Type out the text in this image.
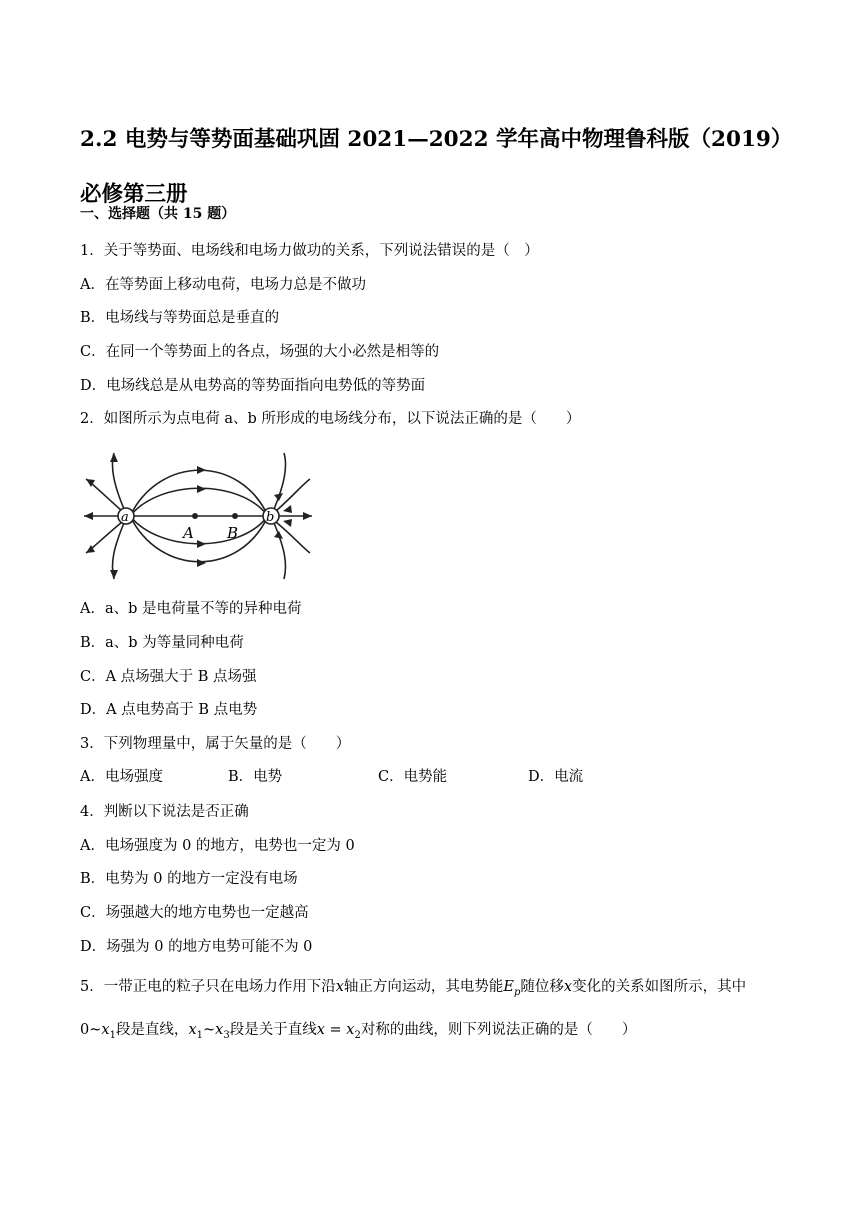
2.2 电势与等势面基础巩固 2021—2022 学年高中物理鲁科版（2019）必修第三册

一、选择题（共 15 题）

1．关于等势面、电场线和电场力做功的关系，下列说法错误的是（　）

A．在等势面上移动电荷，电场力总是不做功

B．电场线与等势面总是垂直的

C．在同一个等势面上的各点，场强的大小必然是相等的

D．电场线总是从电势高的等势面指向电势低的等势面

2．如图所示为点电荷 a、b 所形成的电场线分布，以下说法正确的是（　　）

a
A B
b

A．a、b 是电荷量不等的异种电荷

B．a、b 为等量同种电荷

C．A 点场强大于 B 点场强

D．A 点电势高于 B 点电势

3．下列物理量中，属于矢量的是（　　）

A．电场强度	B．电势	C．电势能	D．电流

4．判断以下说法是否正确

A．电场强度为 0 的地方，电势也一定为 0

B．电势为 0 的地方一定没有电场

C．场强越大的地方电势也一定越高

D．场强为 0 的地方电势可能不为 0

5．一带正电的粒子只在电场力作用下沿x轴正方向运动，其电势能$E_p$随位移x变化的关系如图所示，其中

$0\sim x_1$段是直线，$x_1\sim x_3$段是关于直线$x = x_2$对称的曲线，则下列说法正确的是（　　）
